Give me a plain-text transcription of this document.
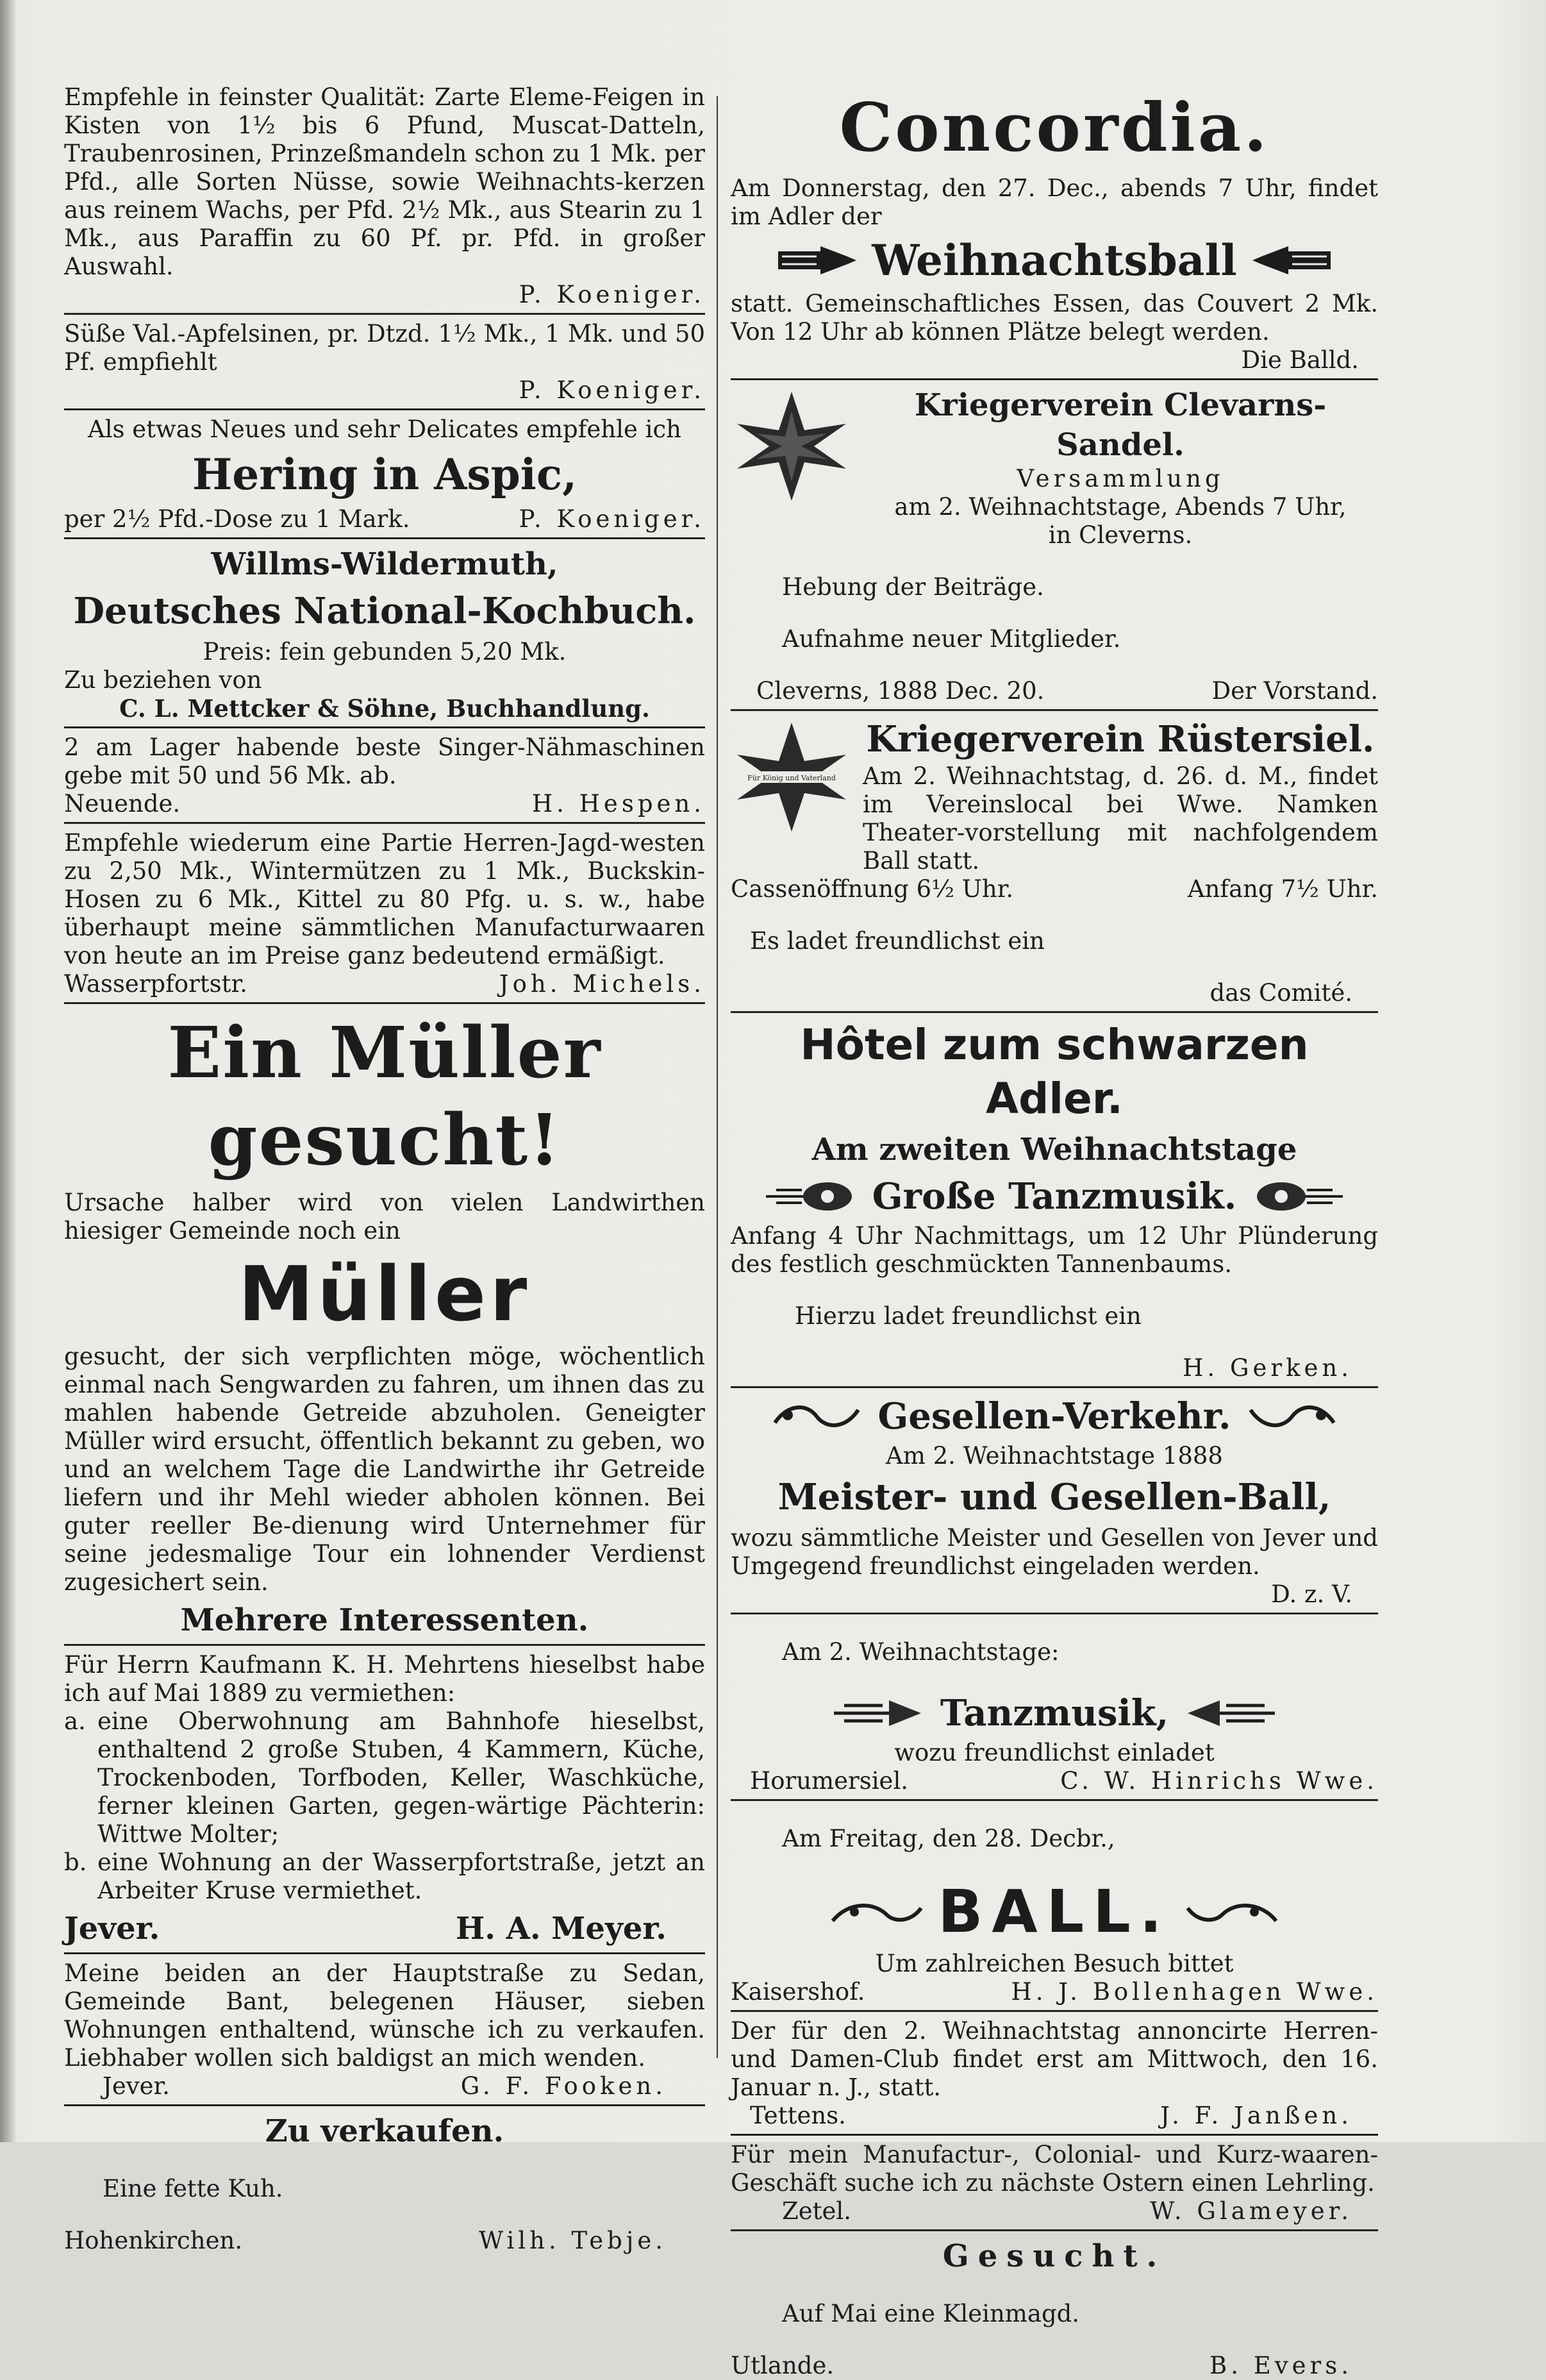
Empfehle in feinster Qualität: Zarte Eleme-Feigen in Kisten von 1½ bis 6 Pfund, Muscat-Datteln, Traubenrosinen, Prinzeßmandeln schon zu 1 Mk. per Pfd., alle Sorten Nüsse, sowie Weihnachts-kerzen aus reinem Wachs, per Pfd. 2½ Mk., aus Stearin zu 1 Mk., aus Paraffin zu 60 Pf. pr. Pfd. in großer Auswahl.

P. Koeniger.

Süße Val.-Apfelsinen, pr. Dtzd. 1½ Mk., 1 Mk. und 50 Pf. empfiehlt

P. Koeniger.

Als etwas Neues und sehr Delicates empfehle ich

Hering in Aspic,

per 2½ Pfd.-Dose zu 1 Mark.	P. Koeniger.

Willms-Wildermuth,

Deutsches National-Kochbuch.

Preis: fein gebunden 5,20 Mk.

Zu beziehen von

C. L. Mettcker & Söhne, Buchhandlung.

2 am Lager habende beste Singer-Nähmaschinen gebe mit 50 und 56 Mk. ab.

Neuende.	H. Hespen.

Empfehle wiederum eine Partie Herren-Jagd-westen zu 2,50 Mk., Wintermützen zu 1 Mk., Buckskin-Hosen zu 6 Mk., Kittel zu 80 Pfg. u. s. w., habe überhaupt meine sämmtlichen Manufacturwaaren von heute an im Preise ganz bedeutend ermäßigt.

Wasserpfortstr.	Joh. Michels.

Ein Müller gesucht!

Ursache halber wird von vielen Landwirthen hiesiger Gemeinde noch ein

Müller

gesucht, der sich verpflichten möge, wöchentlich einmal nach Sengwarden zu fahren, um ihnen das zu mahlen habende Getreide abzuholen. Geneigter Müller wird ersucht, öffentlich bekannt zu geben, wo und an welchem Tage die Landwirthe ihr Getreide liefern und ihr Mehl wieder abholen können. Bei guter reeller Be-dienung wird Unternehmer für seine jedesmalige Tour ein lohnender Verdienst zugesichert sein.

Mehrere Interessenten.

Für Herrn Kaufmann K. H. Mehrtens hieselbst habe ich auf Mai 1889 zu vermiethen:

a. eine Oberwohnung am Bahnhofe hieselbst, enthaltend 2 große Stuben, 4 Kammern, Küche, Trockenboden, Torfboden, Keller, Waschküche, ferner kleinen Garten, gegen-wärtige Pächterin: Wittwe Molter;
b. eine Wohnung an der Wasserpfortstraße, jetzt an Arbeiter Kruse vermiethet.

Jever.	H. A. Meyer.

Meine beiden an der Hauptstraße zu Sedan, Gemeinde Bant, belegenen Häuser, sieben Wohnungen enthaltend, wünsche ich zu verkaufen. Liebhaber wollen sich baldigst an mich wenden.

Jever.	G. F. Fooken.

Zu verkaufen.

Eine fette Kuh.

Hohenkirchen.	Wilh. Tebje.

Concordia.

Am Donnerstag, den 27. Dec., abends 7 Uhr, findet im Adler der

Weihnachtsball

statt. Gemeinschaftliches Essen, das Couvert 2 Mk. Von 12 Uhr ab können Plätze belegt werden.

Die Balld.

Kriegerverein Clevarns-Sandel.

Versammlung

am 2. Weihnachtstage, Abends 7 Uhr,

in Cleverns.

Hebung der Beiträge.

Aufnahme neuer Mitglieder.

Cleverns, 1888 Dec. 20.	Der Vorstand.

Für König und Vaterland

Kriegerverein Rüstersiel.

Am 2. Weihnachtstag, d. 26. d. M., findet im Vereinslocal bei Wwe. Namken Theater-vorstellung mit nachfolgendem Ball statt.

Cassenöffnung 6½ Uhr.	Anfang 7½ Uhr.

Es ladet freundlichst ein

das Comité.

Hôtel zum schwarzen Adler.

Am zweiten Weihnachtstage

Große Tanzmusik.

Anfang 4 Uhr Nachmittags, um 12 Uhr Plünderung des festlich geschmückten Tannenbaums.

Hierzu ladet freundlichst ein

H. Gerken.

Gesellen-Verkehr.

Am 2. Weihnachtstage 1888

Meister- und Gesellen-Ball,

wozu sämmtliche Meister und Gesellen von Jever und Umgegend freundlichst eingeladen werden.

D. z. V.

Am 2. Weihnachtstage:

Tanzmusik,

wozu freundlichst einladet

Horumersiel.	C. W. Hinrichs Wwe.

Am Freitag, den 28. Decbr.,

BALL.

Um zahlreichen Besuch bittet

Kaisershof.	H. J. Bollenhagen Wwe.

Der für den 2. Weihnachtstag annoncirte Herren- und Damen-Club findet erst am Mittwoch, den 16. Januar n. J., statt.

Tettens.	J. F. Janßen.

Für mein Manufactur-, Colonial- und Kurz-waaren-Geschäft suche ich zu nächste Ostern einen Lehrling.

Zetel.	W. Glameyer.

Gesucht.

Auf Mai eine Kleinmagd.

Utlande.	B. Evers.
